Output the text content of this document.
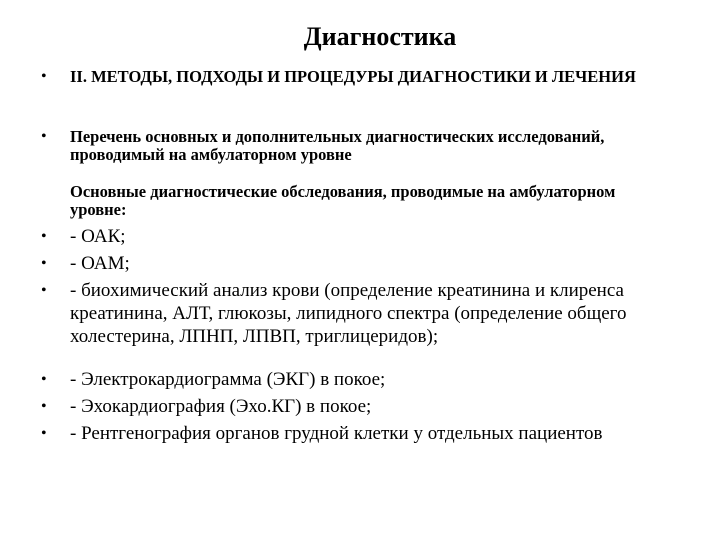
Диагностика
• II. МЕТОДЫ, ПОДХОДЫ И ПРОЦЕДУРЫ ДИАГНОСТИКИ И ЛЕЧЕНИЯ
• Перечень основных и дополнительных диагностических исследований, проводимый на амбулаторном уровне

Основные диагностические обследования, проводимые на амбулаторном уровне:

• - ОАК;
• - ОАМ;
• - биохимический анализ крови (определение креатинина и клиренса креатинина, АЛТ, глюкозы, липидного спектра (определение общего холестерина, ЛПНП, ЛПВП, триглицеридов);
• - Электрокардиограмма (ЭКГ) в покое;
• - Эхокардиография (Эхо.КГ) в покое;
• - Рентгенография органов грудной клетки у отдельных пациентов
